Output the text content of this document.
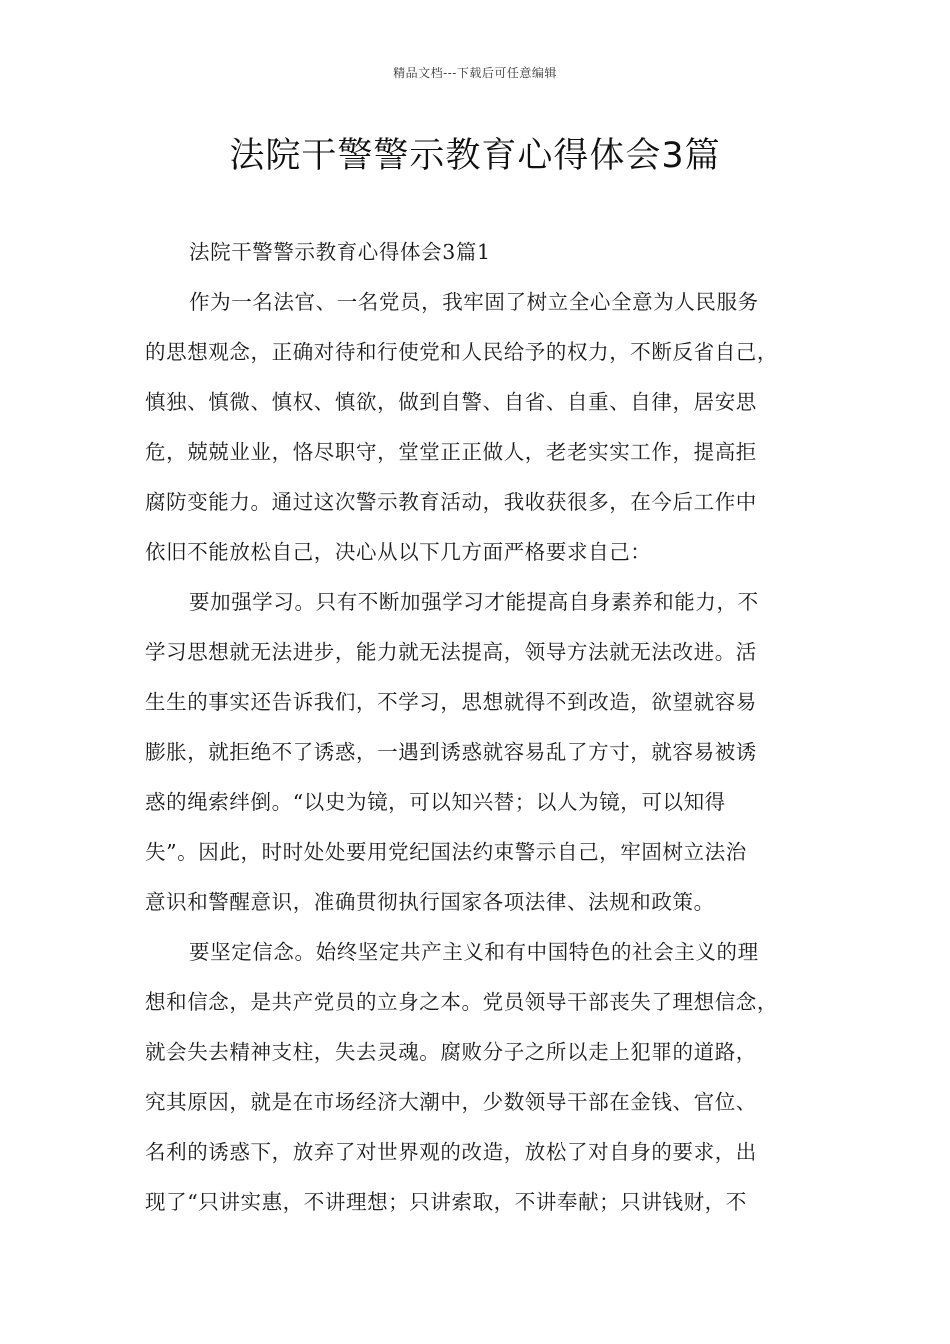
精品文档---下载后可任意编辑
法院干警警示教育心得体会3篇
法院干警警示教育心得体会3篇1
作为一名法官、一名党员，我牢固了树立全心全意为人民服务
的思想观念，正确对待和行使党和人民给予的权力，不断反省自己，
慎独、慎微、慎权、慎欲，做到自警、自省、自重、自律，居安思
危，兢兢业业，恪尽职守，堂堂正正做人，老老实实工作，提高拒
腐防变能力。通过这次警示教育活动，我收获很多，在今后工作中
依旧不能放松自己，决心从以下几方面严格要求自己：
要加强学习。只有不断加强学习才能提高自身素养和能力，不
学习思想就无法进步，能力就无法提高，领导方法就无法改进。活
生生的事实还告诉我们，不学习，思想就得不到改造，欲望就容易
膨胀，就拒绝不了诱惑，一遇到诱惑就容易乱了方寸，就容易被诱
惑的绳索绊倒。“以史为镜，可以知兴替；以人为镜，可以知得
失”。因此，时时处处要用党纪国法约束警示自己，牢固树立法治
意识和警醒意识，准确贯彻执行国家各项法律、法规和政策。
要坚定信念。始终坚定共产主义和有中国特色的社会主义的理
想和信念，是共产党员的立身之本。党员领导干部丧失了理想信念，
就会失去精神支柱，失去灵魂。腐败分子之所以走上犯罪的道路，
究其原因，就是在市场经济大潮中，少数领导干部在金钱、官位、
名利的诱惑下，放弃了对世界观的改造，放松了对自身的要求，出
现了“只讲实惠，不讲理想；只讲索取，不讲奉献；只讲钱财，不
